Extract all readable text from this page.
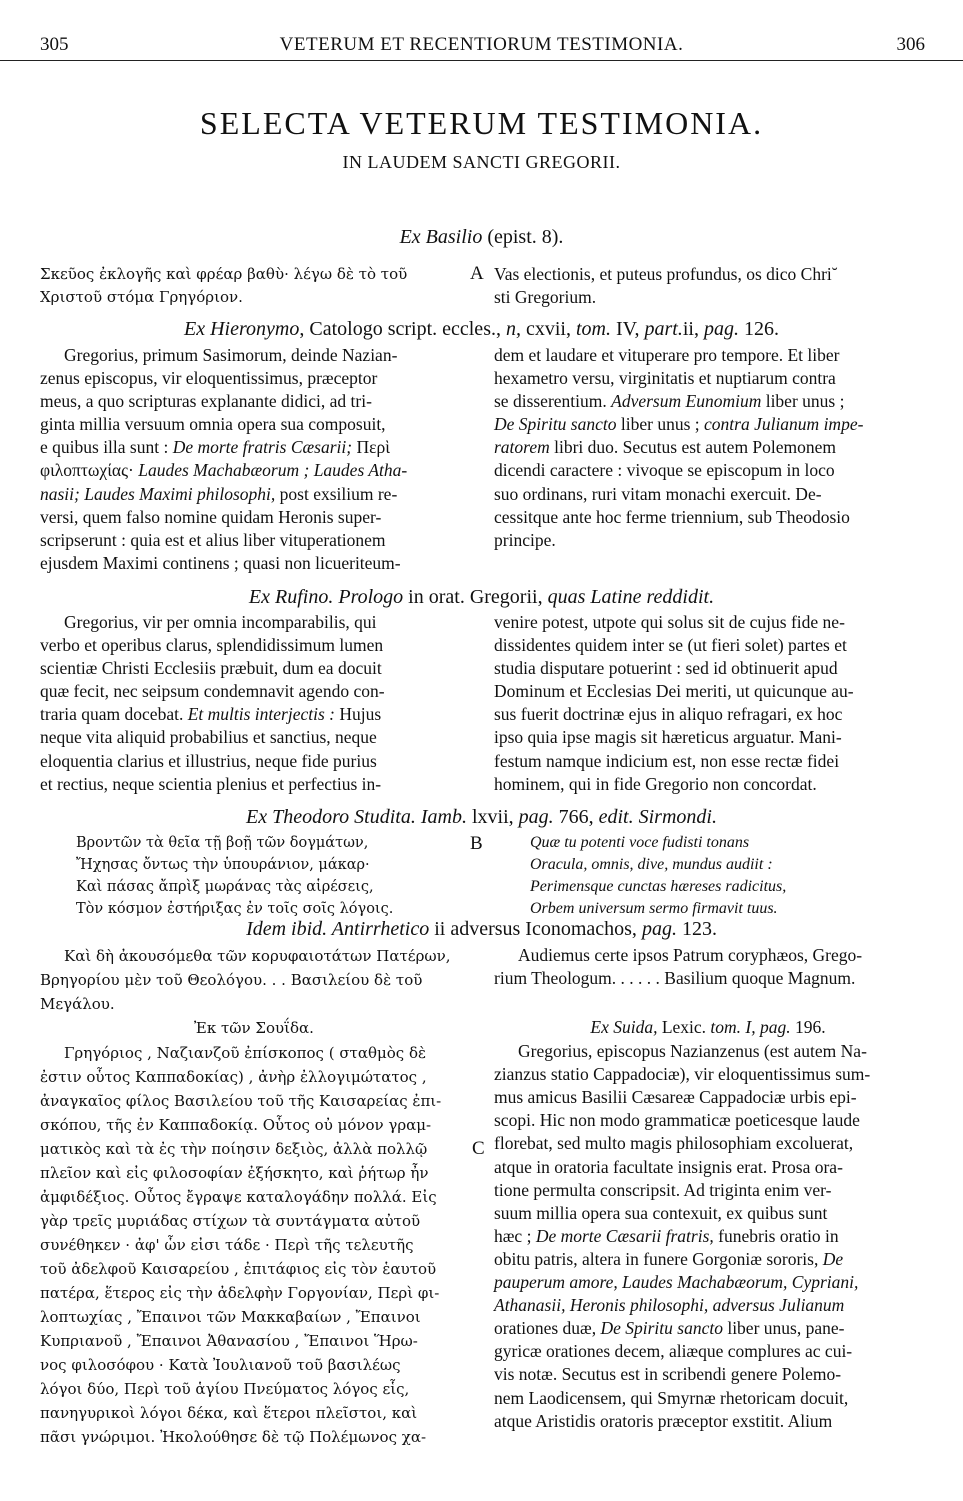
305	VETERUM ET RECENTIORUM TESTIMONIA.	306
SELECTA VETERUM TESTIMONIA.
IN LAUDEM SANCTI GREGORII.
Ex Basilio (epist. 8).
Σκεῦος ἐκλογῆς καὶ φρέαρ βαθὺ· λέγω δὲ τὸ τοῦ
Χριστοῦ στόμα Γρηγόριον.
A Vas electionis, et puteus profundus, os dico Chri˘
sti Gregorium.
Ex Hieronymo, Catologo script. eccles., n, cxvii, tom. IV, part.ii, pag. 126.
Gregorius, primum Sasimorum, deinde Nazian-
zenus episcopus, vir eloquentissimus, præceptor
meus, a quo scripturas explanante didici, ad tri-
ginta millia versuum omnia opera sua composuit,
e quibus illa sunt : De morte fratris Cæsarii; Περὶ
φιλοπτωχίας· Laudes Machabæorum ; Laudes Atha-
nasii; Laudes Maximi philosophi, post exsilium re-
versi, quem falso nomine quidam Heronis super-
scripserunt : quia est et alius liber vituperationem
ejusdem Maximi continens ; quasi non licueriteum-
dem et laudare et vituperare pro tempore. Et liber
hexametro versu, virginitatis et nuptiarum contra
se disserentium. Adversum Eunomium liber unus ;
De Spiritu sancto liber unus ; contra Julianum impe-
ratorem libri duo. Secutus est autem Polemonem
dicendi caractere : vivoque se episcopum in loco
suo ordinans, ruri vitam monachi exercuit. De-
cessitque ante hoc ferme triennium, sub Theodosio
principe.
Ex Rufino. Prologo in orat. Gregorii, quas Latine reddidit.
Gregorius, vir per omnia incomparabilis, qui
verbo et operibus clarus, splendidissimum lumen
scientiæ Christi Ecclesiis præbuit, dum ea docuit
quæ fecit, nec seipsum condemnavit agendo con-
traria quam docebat. Et multis interjectis : Hujus
neque vita aliquid probabilius et sanctius, neque
eloquentia clarius et illustrius, neque fide purius
et rectius, neque scientia plenius et perfectius in-
venire potest, utpote qui solus sit de cujus fide ne-
dissidentes quidem inter se (ut fieri solet) partes et
studia disputare potuerint : sed id obtinuerit apud
Dominum et Ecclesias Dei meriti, ut quicunque au-
sus fuerit doctrinæ ejus in aliquo refragari, ex hoc
ipso quia ipse magis sit hæreticus arguatur. Mani-
festum namque indicium est, non esse rectæ fidei
hominem, qui in fide Gregorio non concordat.
Ex Theodoro Studita. Iamb. lxvii, pag. 766, edit. Sirmondi.
Βροντῶν τὰ θεῖα τῇ βοῇ τῶν δογμάτων,
Ἤχησας ὄντως τὴν ὑπουράνιον, μάκαρ·
Καὶ πάσας ἄπρὶξ μωράνας τὰς αἱρέσεις,
Τὸν κόσμον ἐστήριξας ἐν τοῖς σοῖς λόγοις.
B	Quæ tu potenti voce fudisti tonans
Oracula, omnis, dive, mundus audiit :
Perimensque cunctas hæreses radicitus,
Orbem universum sermo firmavit tuus.
Idem ibid. Antirrhetico ii adversus Iconomachos, pag. 123.
Καὶ δὴ ἀκουσόμεθα τῶν κορυφαιοτάτων Πατέρων,
Βρηγορίου μὲν τοῦ Θεολόγου. . . Βασιλείου δὲ τοῦ
Μεγάλου.
Audiemus certe ipsos Patrum coryphæos, Grego-
rium Theologum. . . . . . Basilium quoque Magnum.
Ἐκ τῶν Σουΐδα.
Γρηγόριος , Ναζιανζοῦ ἐπίσκοπος ( σταθμὸς δὲ
ἐστιν οὗτος Καππαδοκίας) , ἀνὴρ ἐλλογιμώτατος ,
ἀναγκαῖος φίλος Βασιλείου τοῦ τῆς Καισαρείας ἐπι-
σκόπου, τῆς ἐν Καππαδοκίᾳ. Οὗτος οὐ μόνον γραμ-
ματικὸς καὶ τὰ ἐς τὴν ποίησιν δεξιὸς, ἀλλὰ πολλῷ
πλεῖον καὶ εἰς φιλοσοφίαν ἐξήσκητο, καὶ ῥήτωρ ἦν
ἀμφιδέξιος. Οὗτος ἔγραψε καταλογάδην πολλά. Εἰς
γὰρ τρεῖς μυριάδας στίχων τὰ συντάγματα αὐτοῦ
συνέθηκεν · ἀφ' ὧν εἰσι τάδε · Περὶ τῆς τελευτῆς
τοῦ ἀδελφοῦ Καισαρείου , ἐπιτάφιος εἰς τὸν ἑαυτοῦ
πατέρα, ἕτερος εἰς τὴν ἀδελφὴν Γοργονίαν, Περὶ φι-
λοπτωχίας , Ἔπαινοι τῶν Μακκαβαίων , Ἔπαινοι
Κυπριανοῦ , Ἔπαινοι Ἀθανασίου , Ἔπαινοι Ἥρω-
νος φιλοσόφου · Κατὰ Ἰουλιανοῦ τοῦ βασιλέως
λόγοι δύο, Περὶ τοῦ ἁγίου Πνεύματος λόγος εἷς,
πανηγυρικοὶ λόγοι δέκα, καὶ ἕτεροι πλεῖστοι, καὶ
πᾶσι γνώριμοι. Ἠκολούθησε δὲ τῷ Πολέμωνος χα-
C
Ex Suida, Lexic. tom. I, pag. 196.
Gregorius, episcopus Nazianzenus (est autem Na-
zianzus statio Cappadociæ), vir eloquentissimus sum-
mus amicus Basilii Cæsareæ Cappadociæ urbis epi-
scopi. Hic non modo grammaticæ poeticesque laude
florebat, sed multo magis philosophiam excoluerat,
atque in oratoria facultate insignis erat. Prosa ora-
tione permulta conscripsit. Ad triginta enim ver-
suum millia opera sua contexuit, ex quibus sunt
hæc ; De morte Cæsarii fratris, funebris oratio in
obitu patris, altera in funere Gorgoniæ sororis, De
pauperum amore, Laudes Machabæorum, Cypriani,
Athanasii, Heronis philosophi, adversus Julianum
orationes duæ, De Spiritu sancto liber unus, pane-
gyricæ orationes decem, aliæque complures ac cui-
vis notæ. Secutus est in scribendi genere Polemo-
nem Laodicensem, qui Smyrnæ rhetoricam docuit,
atque Aristidis oratoris præceptor exstitit. Alium
